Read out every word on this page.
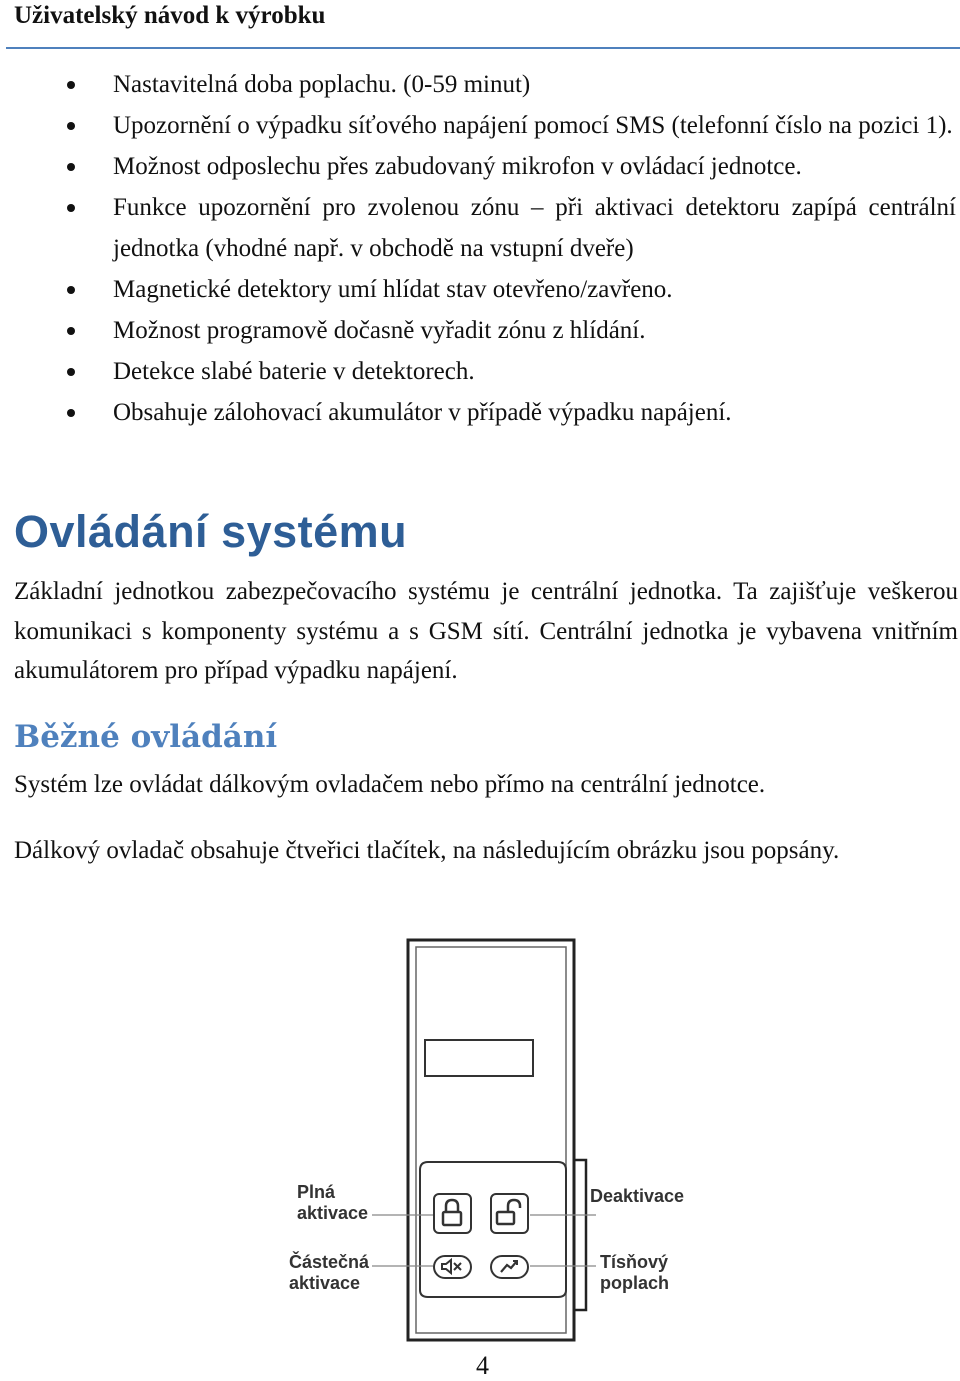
Uživatelský návod k výrobku
Nastavitelná doba poplachu. (0-59 minut)
Upozornění o výpadku síťového napájení pomocí SMS (telefonní číslo na pozici 1).
Možnost odposlechu přes zabudovaný mikrofon v ovládací jednotce.
Funkce upozornění pro zvolenou zónu – při aktivaci detektoru zapípá centrální jednotka (vhodné např. v obchodě na vstupní dveře)
Magnetické detektory umí hlídat stav otevřeno/zavřeno.
Možnost programově dočasně vyřadit zónu z hlídání.
Detekce slabé baterie v detektorech.
Obsahuje zálohovací akumulátor v případě výpadku napájení.
Ovládání systému
Základní jednotkou zabezpečovacího systému je centrální jednotka. Ta zajišťuje veškerou komunikaci s komponenty systému a s GSM sítí. Centrální jednotka je vybavena vnitřním akumulátorem pro případ výpadku napájení.
Běžné ovládání
Systém lze ovládat dálkovým ovladačem nebo přímo na centrální jednotce.
Dálkový ovladač obsahuje čtveřici tlačítek, na následujícím obrázku jsou popsány.
Plná
aktivace
Částečná
aktivace
Deaktivace
Tísňový
poplach
4
